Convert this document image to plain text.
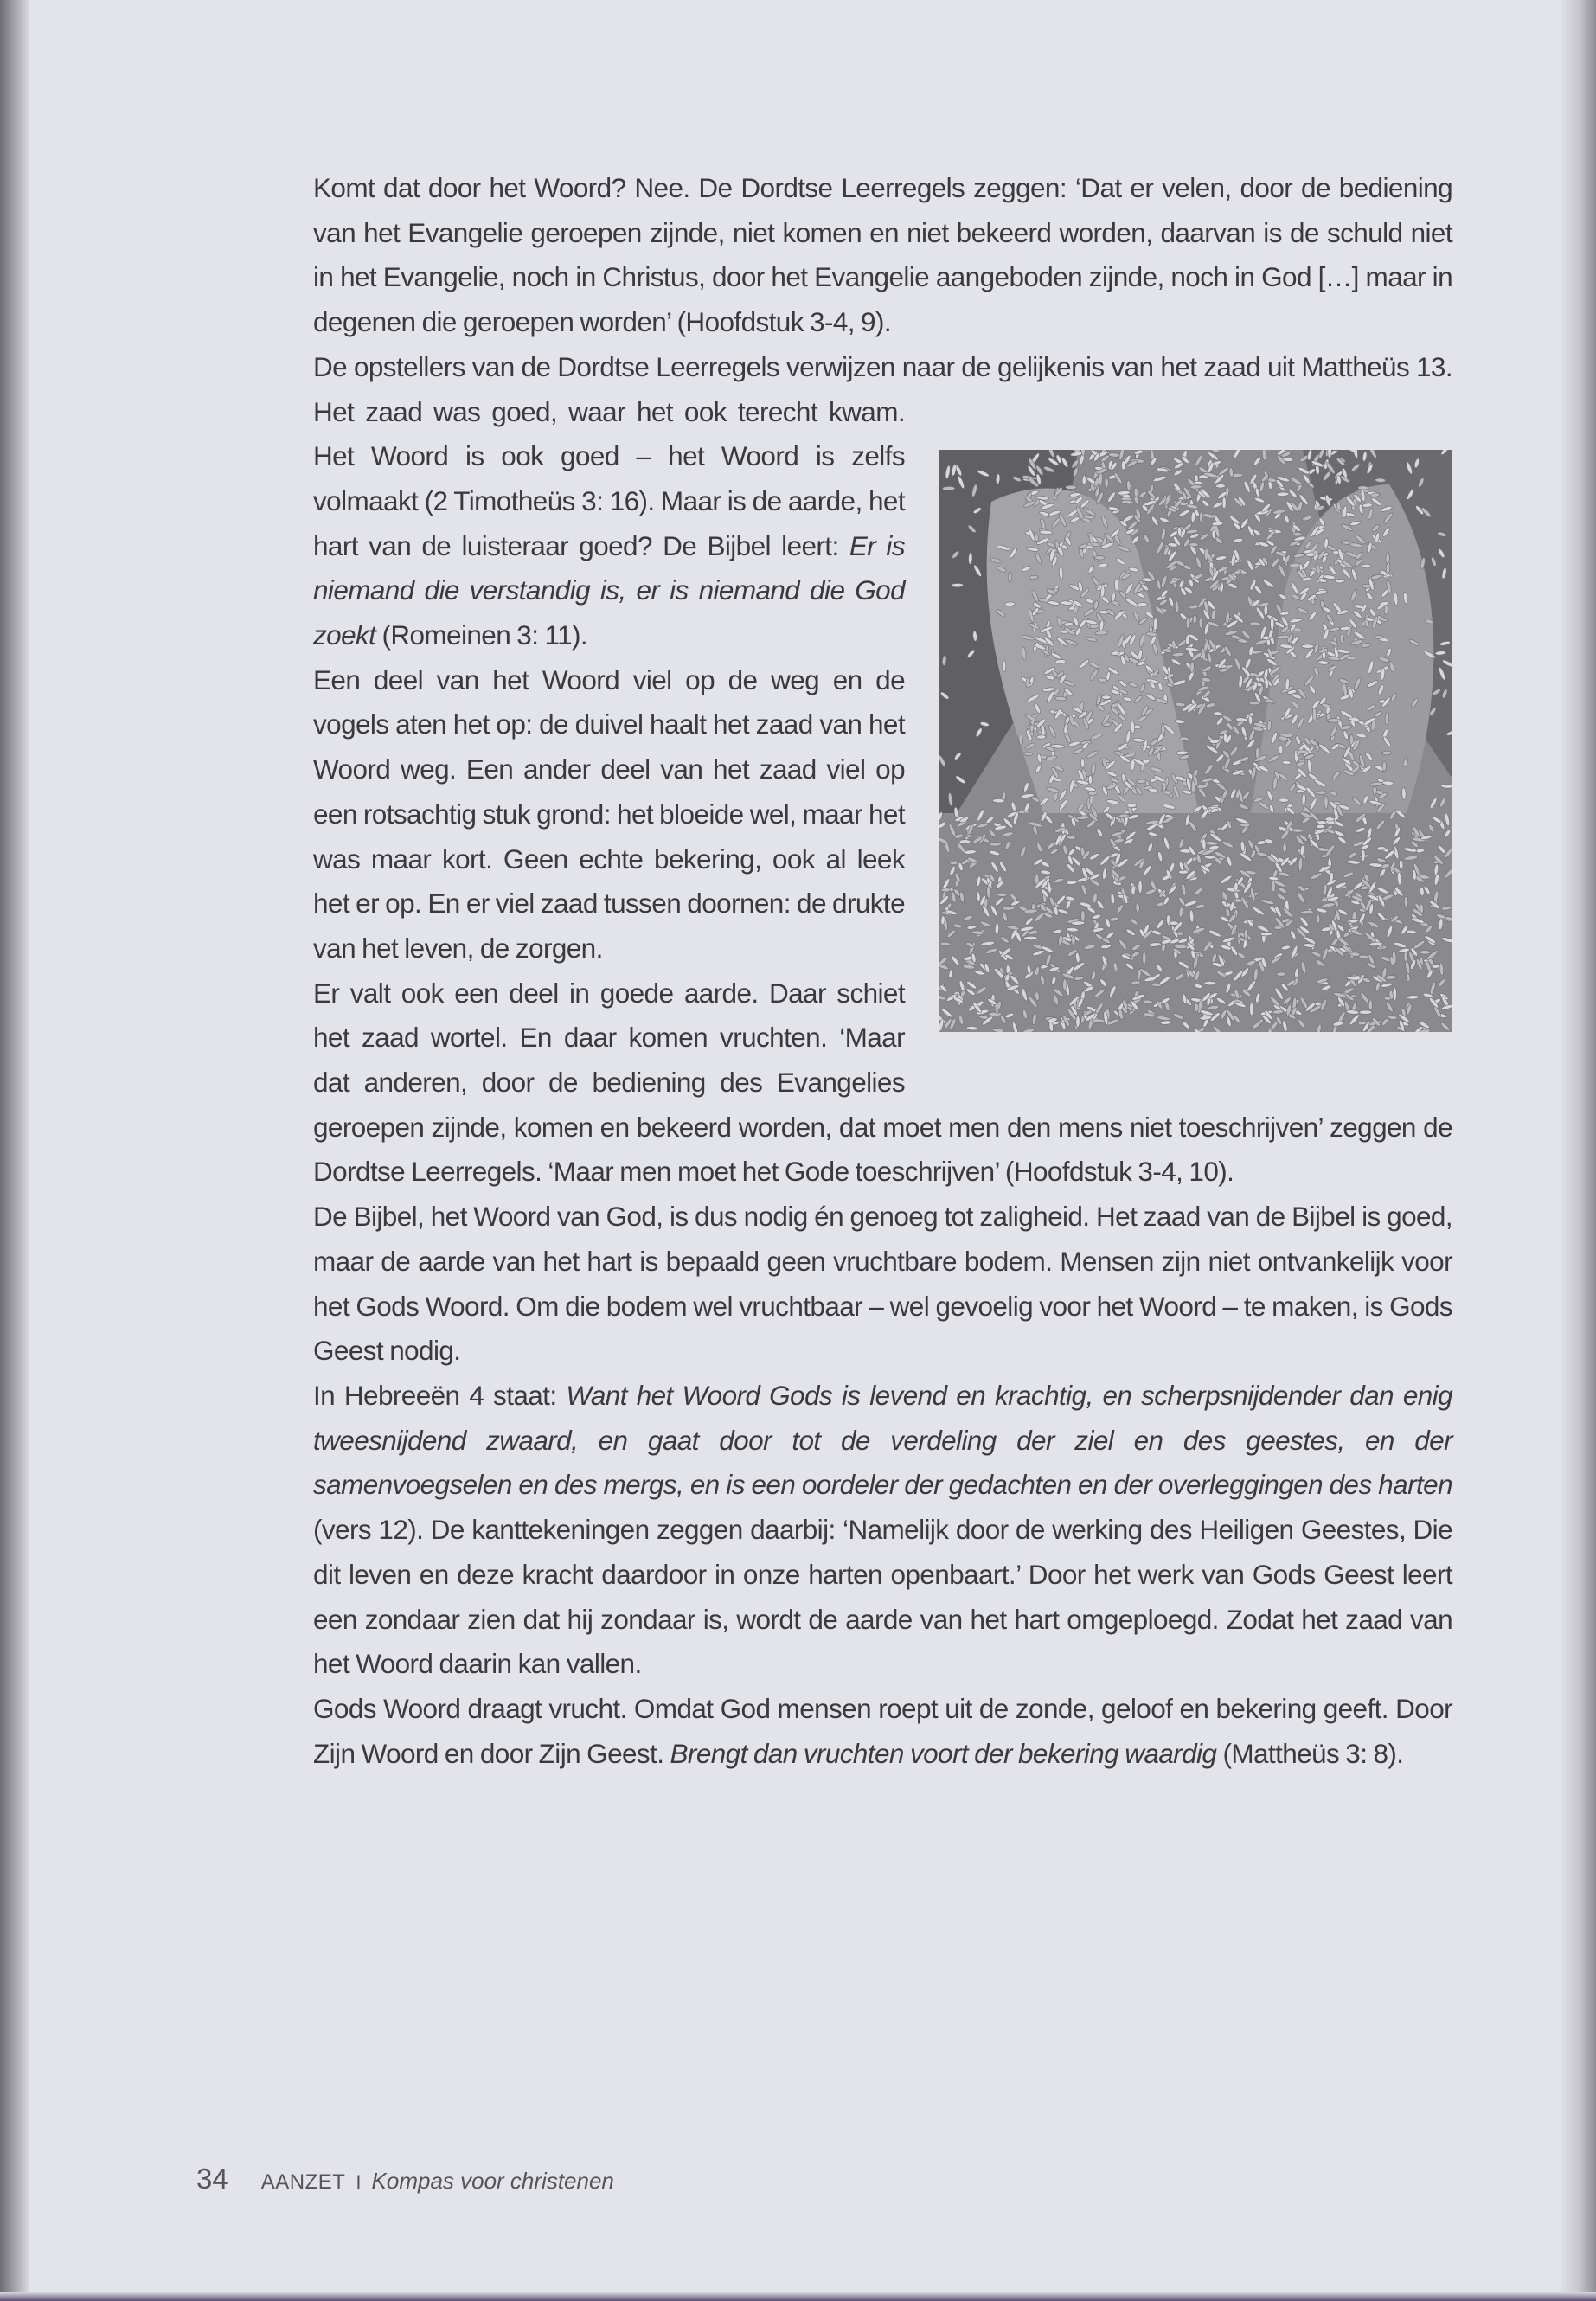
Komt dat door het Woord? Nee. De Dordtse Leerregels zeggen: ‘Dat er velen, door de bediening van het Evangelie geroepen zijnde, niet komen en niet bekeerd worden, daarvan is de schuld niet in het Evangelie, noch in Christus, door het Evangelie aangeboden zijnde, noch in God […] maar in degenen die geroepen worden’ (Hoofdstuk 3-4, 9).

De opstellers van de Dordtse Leerregels verwijzen naar de gelijkenis van het zaad uit Mattheüs 13. Het zaad was goed, waar het ook terecht kwam. Het Woord is ook goed – het Woord is zelfs volmaakt (2 Timotheüs 3: 16). Maar is de aarde, het hart van de luisteraar goed? De Bijbel leert: Er is niemand die verstandig is, er is niemand die God zoekt (Romeinen 3: 11).

Een deel van het Woord viel op de weg en de vogels aten het op: de duivel haalt het zaad van het Woord weg. Een ander deel van het zaad viel op een rotsachtig stuk grond: het bloeide wel, maar het was maar kort. Geen echte bekering, ook al leek het er op. En er viel zaad tussen doornen: de drukte van het leven, de zorgen.

Er valt ook een deel in goede aarde. Daar schiet het zaad wortel. En daar komen vruchten. ‘Maar dat anderen, door de bediening des Evangelies geroepen zijnde, komen en bekeerd worden, dat moet men den mens niet toeschrijven’ zeggen de Dordtse Leerregels. ‘Maar men moet het Gode toeschrijven’ (Hoofdstuk 3-4, 10).

De Bijbel, het Woord van God, is dus nodig én genoeg tot zaligheid. Het zaad van de Bijbel is goed, maar de aarde van het hart is bepaald geen vruchtbare bodem. Mensen zijn niet ontvankelijk voor het Gods Woord. Om die bodem wel vruchtbaar – wel gevoelig voor het Woord – te maken, is Gods Geest nodig.

In Hebreeën 4 staat: Want het Woord Gods is levend en krachtig, en scherpsnijdender dan enig tweesnijdend zwaard, en gaat door tot de verdeling der ziel en des geestes, en der samenvoegselen en des mergs, en is een oordeler der gedachten en der overleggingen des harten (vers 12). De kanttekeningen zeggen daarbij: ‘Namelijk door de werking des Heiligen Geestes, Die dit leven en deze kracht daardoor in onze harten openbaart.’ Door het werk van Gods Geest leert een zondaar zien dat hij zondaar is, wordt de aarde van het hart omgeploegd. Zodat het zaad van het Woord daarin kan vallen.

Gods Woord draagt vrucht. Omdat God mensen roept uit de zonde, geloof en bekering geeft. Door Zijn Woord en door Zijn Geest. Brengt dan vruchten voort der bekering waardig (Mattheüs 3: 8).

34 AANZET I Kompas voor christenen
